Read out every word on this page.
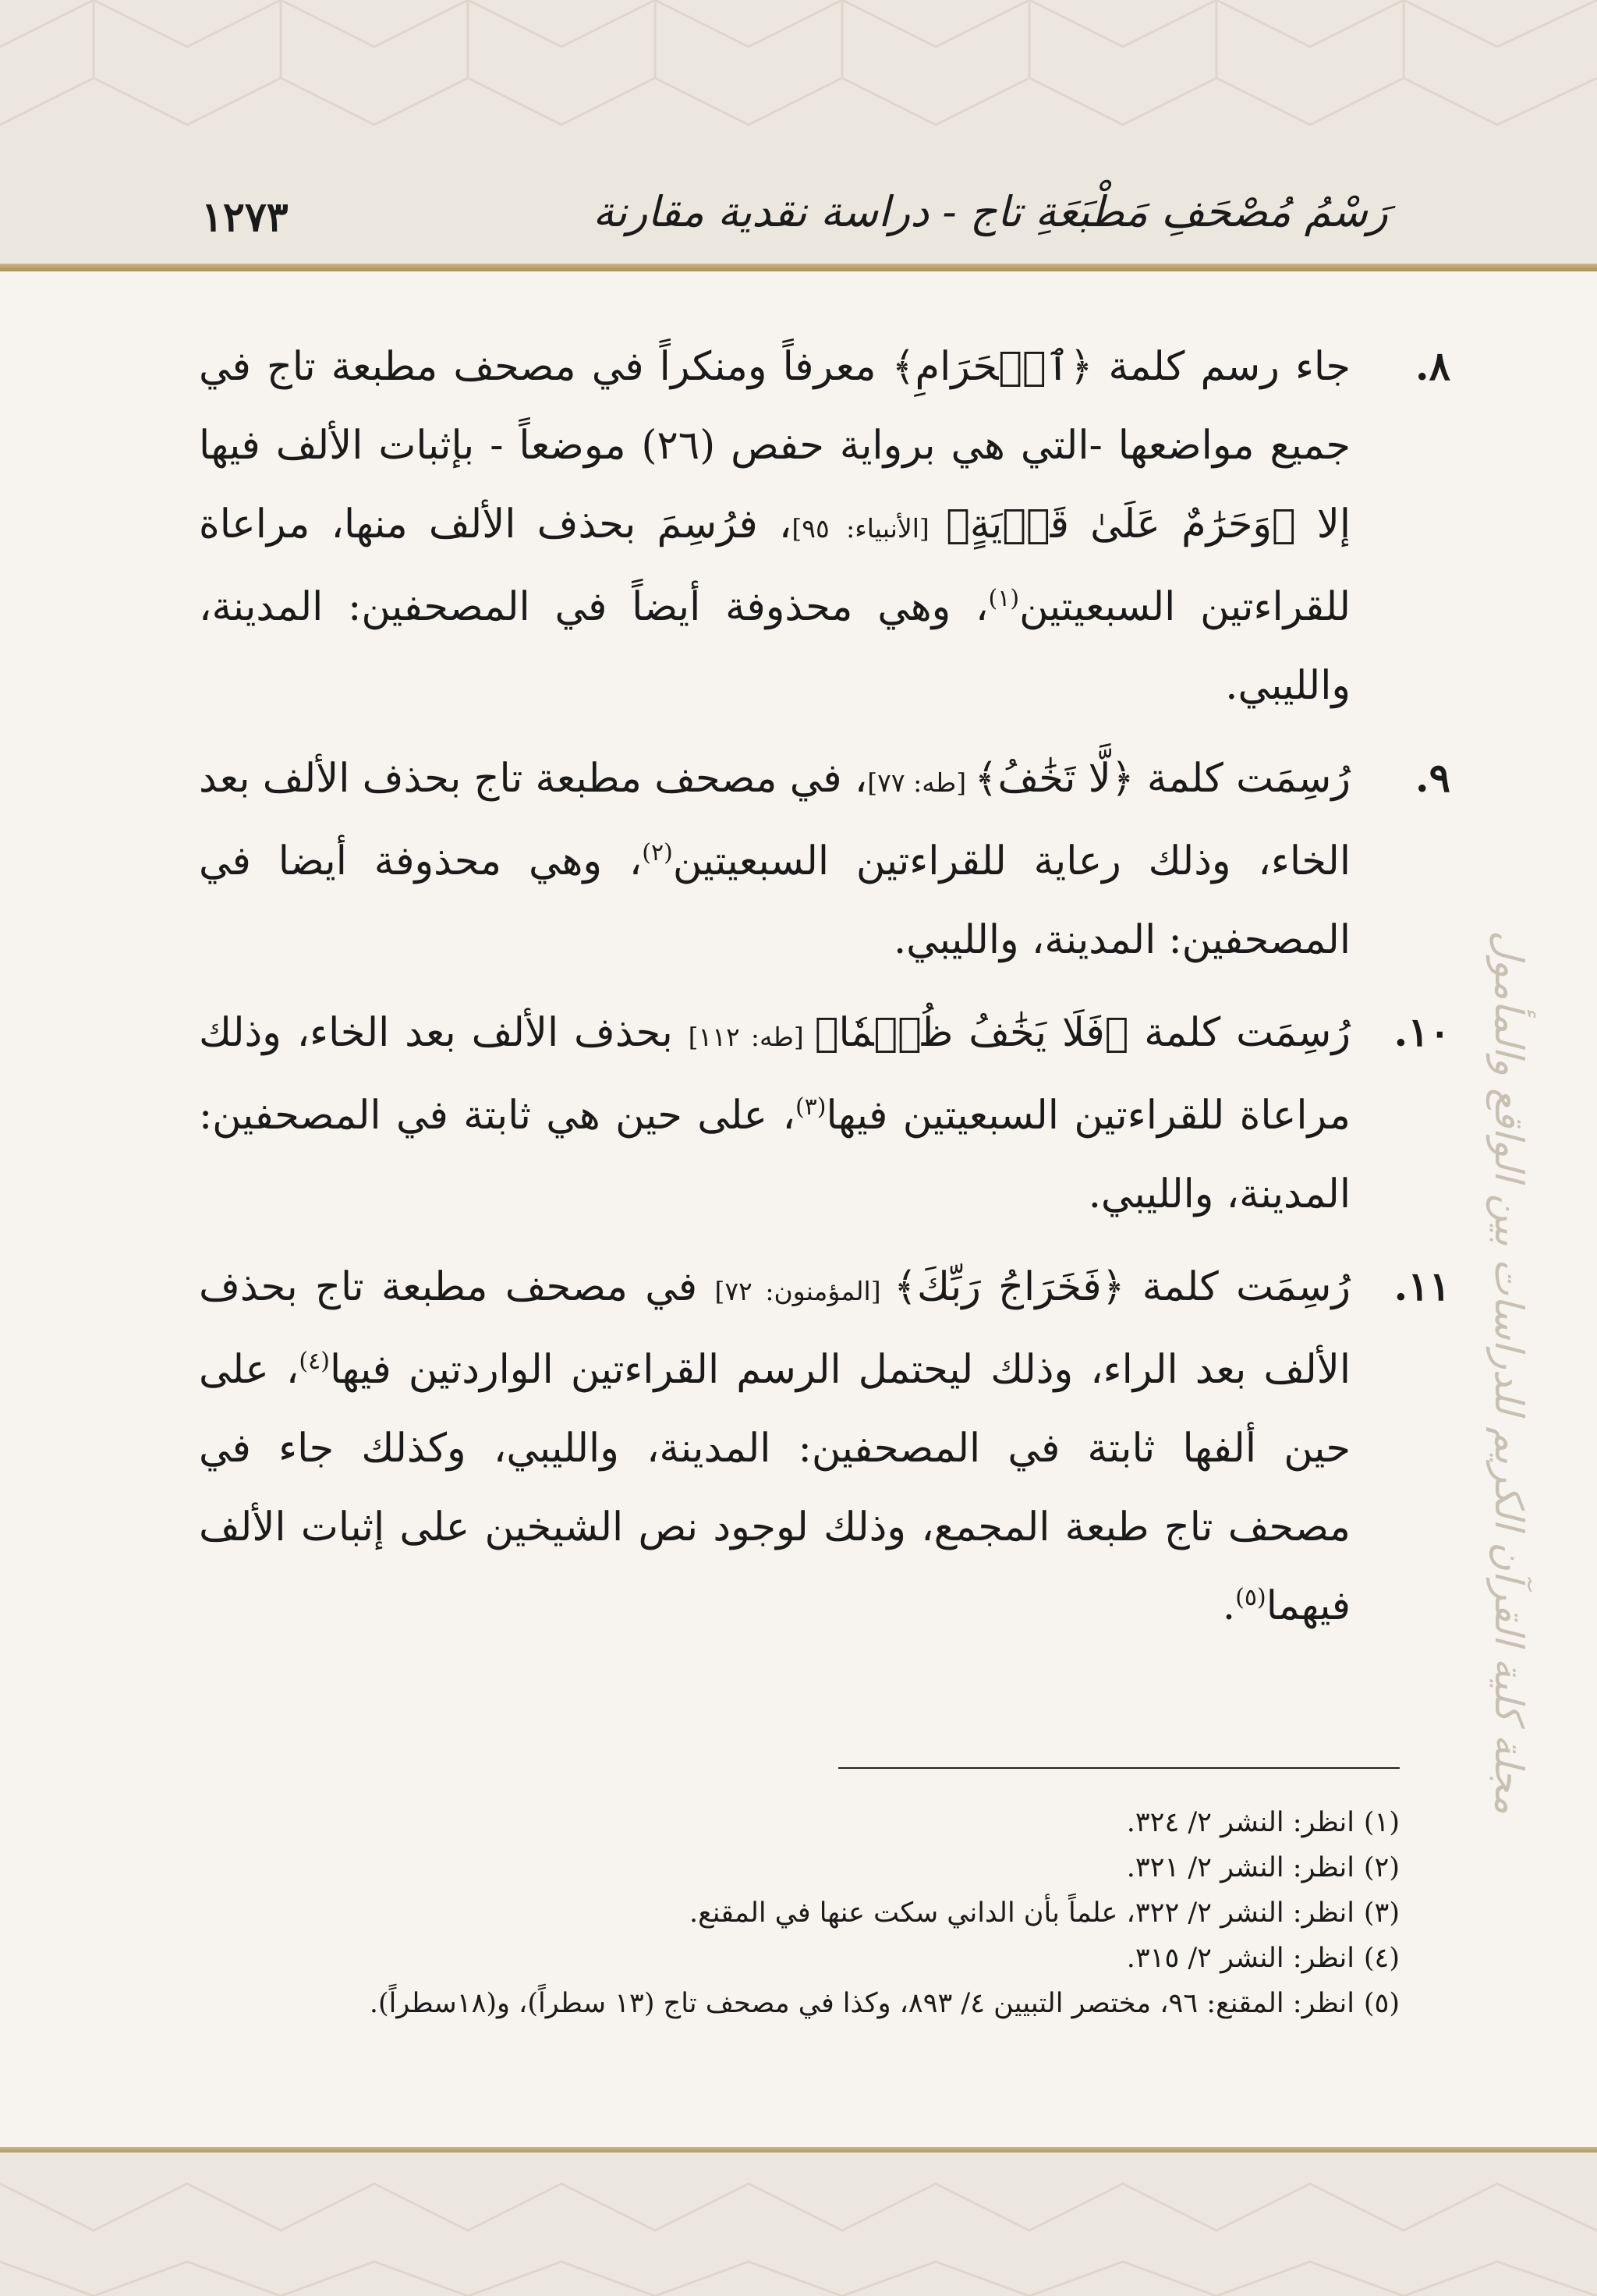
١٢٧٣	رَسْمُ مُصْحَفِ مَطْبَعَةِ تاج - دراسة نقدية مقارنة
مجلة كلية القرآن الكريم للدراسات بين الواقع والمأمول

٨.
جاء رسم كلمة ﴿ٱلۡحَرَامِ﴾ معرفاً ومنكراً في مصحف مطبعة تاج في جميع مواضعها -التي هي برواية حفص (٢٦) موضعاً - بإثبات الألف فيها إلا ﴿وَحَرَٰمٌ عَلَىٰ قَرۡيَةٍ﴾ [الأنبياء: ٩٥]، فرُسِمَ بحذف الألف منها، مراعاة للقراءتين السبعيتين$^{(١)}$، وهي محذوفة أيضاً في المصحفين: المدينة، والليبي.

٩.
رُسِمَت كلمة ﴿لَّا تَخَٰفُ﴾ [طه: ٧٧]، في مصحف مطبعة تاج بحذف الألف بعد الخاء، وذلك رعاية للقراءتين السبعيتين$^{(٢)}$، وهي محذوفة أيضا في المصحفين: المدينة، والليبي.

١٠.
رُسِمَت كلمة ﴿فَلَا يَخَٰفُ ظُلۡمٗا﴾ [طه: ١١٢] بحذف الألف بعد الخاء، وذلك مراعاة للقراءتين السبعيتين فيها$^{(٣)}$، على حين هي ثابتة في المصحفين: المدينة، والليبي.

١١.
رُسِمَت كلمة ﴿فَخَرَاجُ رَبِّكَ﴾ [المؤمنون: ٧٢] في مصحف مطبعة تاج بحذف الألف بعد الراء، وذلك ليحتمل الرسم القراءتين الواردتين فيها$^{(٤)}$، على حين ألفها ثابتة في المصحفين: المدينة، والليبي، وكذلك جاء في مصحف تاج طبعة المجمع، وذلك لوجود نص الشيخين على إثبات الألف فيهما$^{(٥)}$.

(١)انظر: النشر ٢/ ٣٢٤.
(٢)انظر: النشر ٢/ ٣٢١.
(٣)انظر: النشر ٢/ ٣٢٢، علماً بأن الداني سكت عنها في المقنع.
(٤)انظر: النشر ٢/ ٣١٥.
(٥)انظر: المقنع: ٩٦، مختصر التبيين ٤/ ٨٩٣، وكذا في مصحف تاج (١٣ سطراً)، و(١٨سطراً).
